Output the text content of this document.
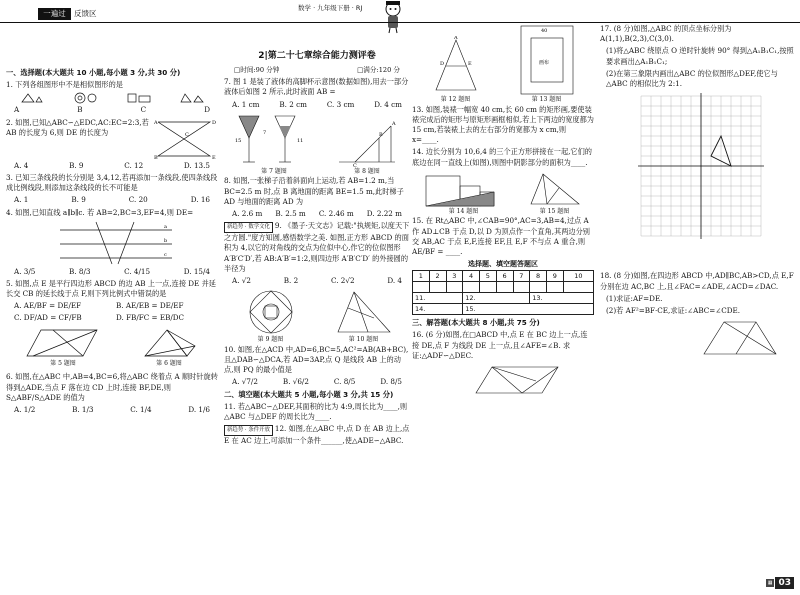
一遍过	反馈区
数学 · 九年级下册 · RJ
一、选择题(本大题共 10 小题,每小题 3 分,共 30 分)
1. 下列各组图形中不是相似图形的是
A	B	C	D
2. 如图,已知△ABC∽△EDC,AC:EC=2:3,若 AB 的长度为 6,则 DE 的长度为
A	D
B	E
C
A. 4	B. 9	C. 12	D. 13.5
3. 已知三条线段的长分别是 3,4,12,若再添加一条线段,使四条线段成比例线段,则添加这条线段的长不可能是
A. 1	B. 9	C. 20	D. 16
4. 如图,已知直线 a∥b∥c. 若 AB=2,BC=3,EF=4,则 DE=
a
b
c
A. 3/5	B. 8/3	C. 4/15	D. 15/4
5. 如图,点 E 是平行四边形 ABCD 的边 AB 上一点,连接 DE 并延长交 CB 的延长线于点 F,则下列比例式中错误的是
A. AE/BF = DE/EF	B. AE/EB = DE/EF
C. DF/AD = CF/FB	D. FB/FC = EB/DC
第 5 题图	第 6 题图
6. 如图,在△ABC 中,AB=4,BC=6,将△ABC 绕着点 A 顺时针旋转得到△ADE,当点 F 落在边 CD 上时,连接 BF,DE,则 S△ABF/S△ADE 的值为
A. 1/2	B. 1/3	C. 1/4	D. 1/6
2|第二十七章综合能力测评卷
□时间:90 分钟	□满分:120 分
7. 图 1 是装了液体的高脚杯示意图(数据如图),用去一部分液体后如图 2 所示,此时液面 AB =
A. 1 cm	B. 2 cm	C. 3 cm	D. 4 cm
15
7
11
第 7 题图
C
A
B
第 8 题图
8. 如图,一张梯子沿着斜面向上运动,若 AB=1.2 m,当 BC=2.5 m 时,点 B 离地面的距离 BE=1.5 m,此时梯子 AD 与地面的距离 AD 为
A. 2.6 m B. 2.5 m C. 2.46 m D. 2.22 m
新趋势 · 数学文化 9. 《墨子·天文志》记载:"执规矩,以度天下之方圆."度方知圆,感悟数学之美. 如图,正方形 ABCD 的面积为 4,以它的对角线的交点为位似中心,作它的位似图形 A′B′C′D′,若 AB:A′B′=1:2,则四边形 A′B′C′D′ 的外接圆的半径为
A. √2	B. 2	C. 2√2	D. 4
第 9 题图	第 10 题图
10. 如图,在△ACD 中,AD=6,BC=5,AC²=AB(AB+BC),且△DAB∽△DCA,若 AD=3AP,点 Q 是线段 AB 上的动点,则 PQ 的最小值是
A. √7/2	B. √6/2	C. 8/5	D. 8/5
二、填空题(本大题共 5 小题,每小题 3 分,共 15 分)
11. 若△ABC∽△DEF,其面积的比为 4:9,周长比为____,则△ABC 与△DEF 的周长比为____.
新趋势 · 条件开放 12. 如图,在△ABC 中,点 D 在 AB 边上,点 E 在 AC 边上,可添加一个条件______,使△ADE∽△ABC.
A
D	E
第 12 题图
40
画布
第 13 题图
13. 如图,装裱一幅宽 40 cm,长 60 cm 的矩形画,要使装裱完成后的矩形与原矩形画框相似,若上下两边的宽度都为 15 cm,若装裱上去的左右部分的宽都为 x cm,则 x=____.
14. 边长分别为 10,6,4 的三个正方形拼接在一起,它们的底边在同一直线上(如图),则图中阴影部分的面积为____.
第 14 题图	第 15 题图
15. 在 Rt△ABC 中,∠CAB=90°,AC=3,AB=4,过点 A 作 AD⊥CB 于点 D,以 D 为顶点作一个直角,其两边分别交 AB,AC 于点 E,F,连接 EF,且 E,F 不与点 A 重合,则 AE/BF = ____.
选择题、填空题答题区
1	2	3	4	5	6	7	8	9	10

11.			12.				13.		
14.			15.						
三、解答题(本大题共 8 小题,共 75 分)
16. (6 分)如图,在□ABCD 中,点 E 在 BC 边上一点,连接 DE,点 F 为线段 DE 上一点,且∠AFE=∠B. 求证:△ADF∽△DEC.
17. (8 分)如图,△ABC 的顶点坐标分别为 A(1,1),B(2,3),C(3,0).
(1)将△ABC 绕原点 O 逆时针旋转 90° 得到△A₁B₁C₁,按照要求画出△A₁B₁C₁;
(2)在第三象限内画出△ABC 的位似图形△DEF,使它与△ABC 的相似比为 2:1.
18. (8 分)如图,在四边形 ABCD 中,AD∥BC,AB>CD,点 E,F 分别在边 AC,BC 上,且∠FAC=∠ADE,∠ACD=∠DAC.
(1)求证:AF=DE.
(2)若 AF²=BF·CE,求证:∠ABC=∠CDE.
▦ 03
